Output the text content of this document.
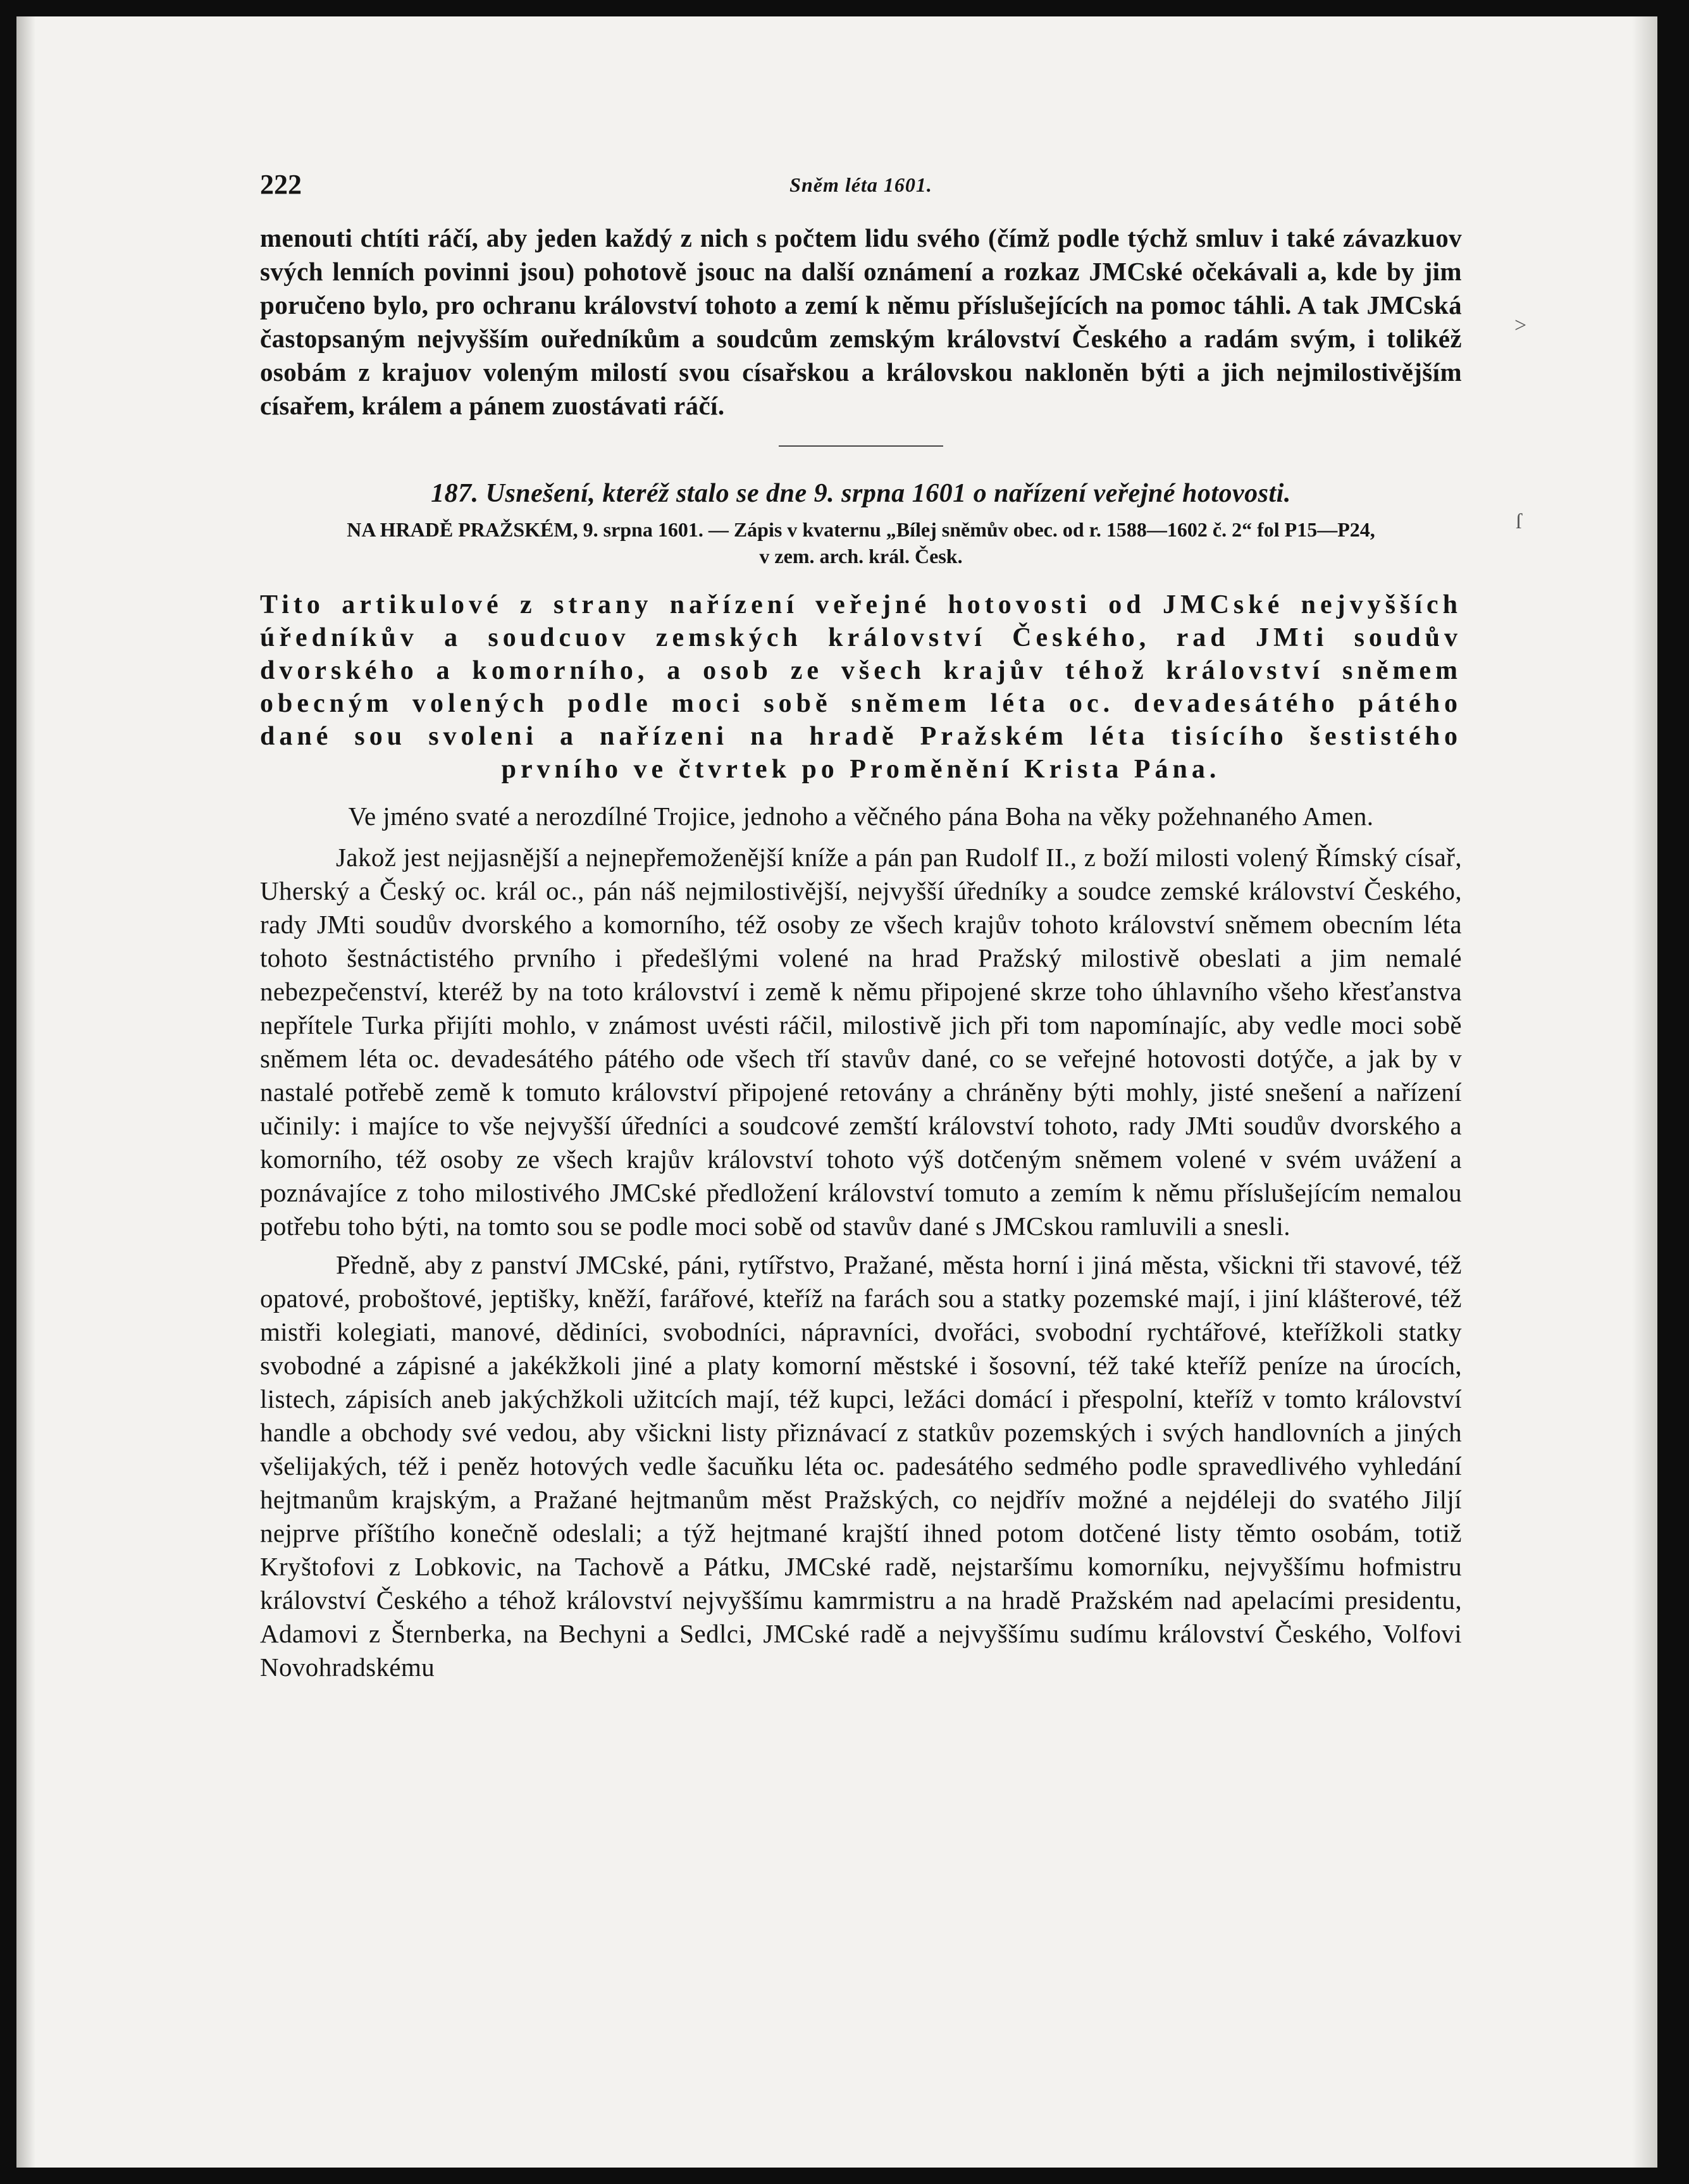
>
ſ
222	Sněm léta 1601.

menouti chtíti ráčí, aby jeden každý z nich s počtem lidu svého (čímž podle týchž smluv i také závazkuov svých lenních povinni jsou) pohotově jsouc na další oznámení a rozkaz JMCské očekávali a, kde by jim poručeno bylo, pro ochranu království tohoto a zemí k němu příslušejících na pomoc táhli. A tak JMCská častopsaným nejvyšším ouředníkům a soudcům zemským království Českého a radám svým, i tolikéž osobám z krajuov voleným milostí svou císařskou a královskou nakloněn býti a jich nejmilostivějším císařem, králem a pánem zuostávati ráčí.

187. Usnešení, kteréž stalo se dne 9. srpna 1601 o nařízení veřejné hotovosti.

NA HRADĚ PRAŽSKÉM, 9. srpna 1601. — Zápis v kvaternu „Bílej sněmův obec. od r. 1588—1602 č. 2“ fol P15—P24,

v zem. arch. král. Česk.

Tito artikulové z strany nařízení veřejné hotovosti od JMCské nejvyšších úředníkův a soudcuov zemských království Českého, rad JMti soudův dvorského a komorního, a osob ze všech krajův téhož království sněmem obecným volených podle moci sobě sněmem léta oc. devadesátého pátého dané sou svoleni a nařízeni na hradě Pražském léta tisícího šestistého prvního ve čtvrtek po Proměnění Krista Pána.

Ve jméno svaté a nerozdílné Trojice, jednoho a věčného pána Boha na věky požehnaného Amen.

Jakož jest nejjasnější a nejnepřemoženější kníže a pán pan Rudolf II., z boží milosti volený Římský císař, Uherský a Český oc. král oc., pán náš nejmilostivější, nejvyšší úředníky a soudce zemské království Českého, rady JMti soudův dvorského a komorního, též osoby ze všech krajův tohoto království sněmem obecním léta tohoto šestnáctistého prvního i předešlými volené na hrad Pražský milostivě obeslati a jim nemalé nebezpečenství, kteréž by na toto království i země k němu připojené skrze toho úhlavního všeho křesťanstva nepřítele Turka přijíti mohlo, v známost uvésti ráčil, milostivě jich při tom napomínajíc, aby vedle moci sobě sněmem léta oc. devadesátého pátého ode všech tří stavův dané, co se veřejné hotovosti dotýče, a jak by v nastalé potřebě země k tomuto království připojené retovány a chráněny býti mohly, jisté snešení a nařízení učinily: i majíce to vše nejvyšší úředníci a soudcové zemští království tohoto, rady JMti soudův dvorského a komorního, též osoby ze všech krajův království tohoto výš dotčeným sněmem volené v svém uvážení a poznávajíce z toho milostivého JMCské předložení království tomuto a zemím k němu příslušejícím nemalou potřebu toho býti, na tomto sou se podle moci sobě od stavův dané s JMCskou ramluvili a snesli.

Předně, aby z panství JMCské, páni, rytířstvo, Pražané, města horní i jiná města, všickni tři stavové, též opatové, proboštové, jeptišky, kněží, farářové, kteříž na farách sou a statky pozemské mají, i jiní klášterové, též mistři kolegiati, manové, dědiníci, svobodníci, nápravníci, dvořáci, svobodní rychtářové, kteřížkoli statky svobodné a zápisné a jakékžkoli jiné a platy komorní městské i šosovní, též také kteříž peníze na úrocích, listech, zápisích aneb jakýchžkoli užitcích mají, též kupci, ležáci domácí i přespolní, kteříž v tomto království handle a obchody své vedou, aby všickni listy přiznávací z statkův pozemských i svých handlovních a jiných všelijakých, též i peněz hotových vedle šacuňku léta oc. padesátého sedmého podle spravedlivého vyhledání hejtmanům krajským, a Pražané hejtmanům měst Pražských, co nejdřív možné a nejdéleji do svatého Jiljí nejprve příštího konečně odeslali; a týž hejtmané krajští ihned potom dotčené listy těmto osobám, totiž Kryštofovi z Lobkovic, na Tachově a Pátku, JMCské radě, nejstaršímu komorníku, nejvyššímu hofmistru království Českého a téhož království nejvyššímu kamrmistru a na hradě Pražském nad apelacími presidentu, Adamovi z Šternberka, na Bechyni a Sedlci, JMCské radě a nejvyššímu sudímu království Českého, Volfovi Novohradskému
